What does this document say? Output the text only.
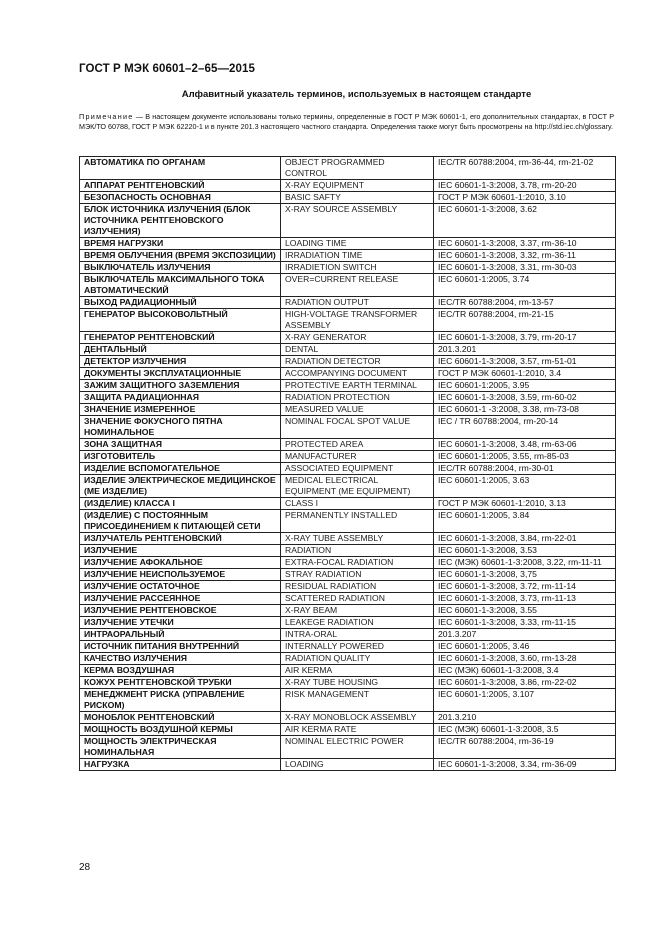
ГОСТ Р МЭК 60601–2–65—2015
Алфавитный указатель терминов, используемых в настоящем стандарте
Примечание — В настоящем документе использованы только термины, определенные в ГОСТ Р МЭК 60601-1, его дополнительных стандартах, в ГОСТ Р МЭК/ТО 60788, ГОСТ Р МЭК 62220-1 и в пункте 201.3 настоящего частного стандарта. Определения также могут быть просмотрены на http://std.iec.ch/glossary.
АВТОМАТИКА ПО ОРГАНАМ	OBJECT PROGRAMMED CONTROL	IEC/TR 60788:2004, rm-36-44, rm-21-02
АППАРАТ РЕНТГЕНОВСКИЙ	X-RAY EQUIPMENT	IEC 60601-1-3:2008, 3.78, rm-20-20
БЕЗОПАСНОСТЬ ОСНОВНАЯ	BASIC SAFTY	ГОСТ Р МЭК 60601-1:2010, 3.10
БЛОК ИСТОЧНИКА ИЗЛУЧЕНИЯ (БЛОК ИСТОЧНИКА РЕНТГЕНОВСКОГО ИЗЛУЧЕНИЯ)	X-RAY SOURCE ASSEMBLY	IEC 60601-1-3:2008, 3.62
ВРЕМЯ НАГРУЗКИ	LOADING TIME	IEC 60601-1-3:2008, 3.37, rm-36-10
ВРЕМЯ ОБЛУЧЕНИЯ (ВРЕМЯ ЭКСПОЗИЦИИ)	IRRADIATION TIME	IEC 60601-1-3:2008, 3.32, rm-36-11
ВЫКЛЮЧАТЕЛЬ ИЗЛУЧЕНИЯ	IRRADIETION SWITCH	IEC 60601-1-3:2008, 3.31, rm-30-03
ВЫКЛЮЧАТЕЛЬ МАКСИМАЛЬНОГО ТОКА АВТОМАТИЧЕСКИЙ	OVER=CURRENT RELEASE	IEC 60601-1:2005, 3.74
ВЫХОД РАДИАЦИОННЫЙ	RADIATION OUTPUT	IEC/TR 60788:2004, rm-13-57
ГЕНЕРАТОР ВЫСОКОВОЛЬТНЫЙ	HIGH-VOLTAGE TRANSFORMER ASSEMBLY	IEC/TR 60788:2004, rm-21-15
ГЕНЕРАТОР РЕНТГЕНОВСКИЙ	X-RAY GENERATOR	IEC 60601-1-3:2008, 3.79, rm-20-17
ДЕНТАЛЬНЫЙ	DENTAL	201.3.201
ДЕТЕКТОР ИЗЛУЧЕНИЯ	RADIATION DETECTOR	IEC 60601-1-3:2008, 3.57, rm-51-01
ДОКУМЕНТЫ ЭКСПЛУАТАЦИОННЫЕ	ACCOMPANYING DOCUMENT	ГОСТ Р МЭК 60601-1:2010, 3.4
ЗАЖИМ ЗАЩИТНОГО ЗАЗЕМЛЕНИЯ	PROTECTIVE EARTH TERMINAL	IEC 60601-1:2005, 3.95
ЗАЩИТА РАДИАЦИОННАЯ	RADIATION PROTECTION	IEC 60601-1-3:2008, 3.59, rm-60-02
ЗНАЧЕНИЕ ИЗМЕРЕННОЕ	MEASURED VALUE	IEC 60601-1 -3:2008, 3.38, rm-73-08
ЗНАЧЕНИЕ ФОКУСНОГО ПЯТНА НОМИНАЛЬНОЕ	NOMINAL FOCAL SPOT VALUE	IEC / TR 60788:2004, rm-20-14
ЗОНА ЗАЩИТНАЯ	PROTECTED AREA	IEC 60601-1-3:2008, 3.48, rm-63-06
ИЗГОТОВИТЕЛЬ	MANUFACTURER	IEC 60601-1:2005, 3.55, rm-85-03
ИЗДЕЛИЕ ВСПОМОГАТЕЛЬНОЕ	ASSOCIATED EQUIPMENT	IEC/TR 60788:2004, rm-30-01
ИЗДЕЛИЕ ЭЛЕКТРИЧЕСКОЕ МЕДИЦИНСКОЕ (МЕ ИЗДЕЛИЕ)	MEDICAL ELECTRICAL EQUIPMENT (ME EQUIPMENT)	IEC 60601-1:2005, 3.63
(ИЗДЕЛИЕ) КЛАССА I	CLASS I	ГОСТ Р МЭК 60601-1:2010, 3.13
(ИЗДЕЛИЕ) С ПОСТОЯННЫМ ПРИСОЕДИНЕНИЕМ К ПИТАЮЩЕЙ СЕТИ	PERMANENTLY INSTALLED	IEC 60601-1:2005, 3.84
ИЗЛУЧАТЕЛЬ РЕНТГЕНОВСКИЙ	X-RAY TUBE ASSEMBLY	IEC 60601-1-3:2008, 3.84, rm-22-01
ИЗЛУЧЕНИЕ	RADIATION	IEC 60601-1-3:2008, 3.53
ИЗЛУЧЕНИЕ АФОКАЛЬНОЕ	EXTRA-FOCAL RADIATION	IEC (МЭК) 60601-1-3:2008, 3.22, rm-11-11
ИЗЛУЧЕНИЕ НЕИСПОЛЬЗУЕМОЕ	STRAY RADIATION	IEC 60601-1-3:2008, 3,75
ИЗЛУЧЕНИЕ ОСТАТОЧНОЕ	RESIDUAL RADIATION	IEC 60601-1-3:2008, 3.72, rm-11-14
ИЗЛУЧЕНИЕ РАССЕЯННОЕ	SCATTERED RADIATION	IEC 60601-1-3:2008, 3.73, rm-11-13
ИЗЛУЧЕНИЕ РЕНТГЕНОВСКОЕ	X-RAY BEAM	IEC 60601-1-3:2008, 3.55
ИЗЛУЧЕНИЕ УТЕЧКИ	LEAKEGE RADIATION	IEC 60601-1-3:2008, 3.33, rm-11-15
ИНТРАОРАЛЬНЫЙ	INTRA-ORAL	201.3.207
ИСТОЧНИК ПИТАНИЯ ВНУТРЕННИЙ	INTERNALLY POWERED	IEC 60601-1:2005, 3.46
КАЧЕСТВО ИЗЛУЧЕНИЯ	RADIATION QUALITY	IEC 60601-1-3:2008, 3.60, rm-13-28
КЕРМА ВОЗДУШНАЯ	AIR KERMA	IEC (МЭК) 60601-1-3:2008, 3.4
КОЖУХ РЕНТГЕНОВСКОЙ ТРУБКИ	X-RAY TUBE HOUSING	IEC 60601-1-3:2008, 3.86, rm-22-02
МЕНЕДЖМЕНТ РИСКА (УПРАВЛЕНИЕ РИСКОМ)	RISK MANAGEMENT	IEC 60601-1:2005, 3.107
МОНОБЛОК РЕНТГЕНОВСКИЙ	X-RAY MONOBLOCK ASSEMBLY	201.3.210
МОЩНОСТЬ ВОЗДУШНОЙ КЕРМЫ	AIR KERMA RATE	IEC (МЭК) 60601-1-3:2008, 3.5
МОЩНОСТЬ ЭЛЕКТРИЧЕСКАЯ НОМИНАЛЬНАЯ	NOMINAL ELECTRIC POWER	IEC/TR 60788:2004, rm-36-19
НАГРУЗКА	LOADING	IEC 60601-1-3:2008, 3.34, rm-36-09
28
